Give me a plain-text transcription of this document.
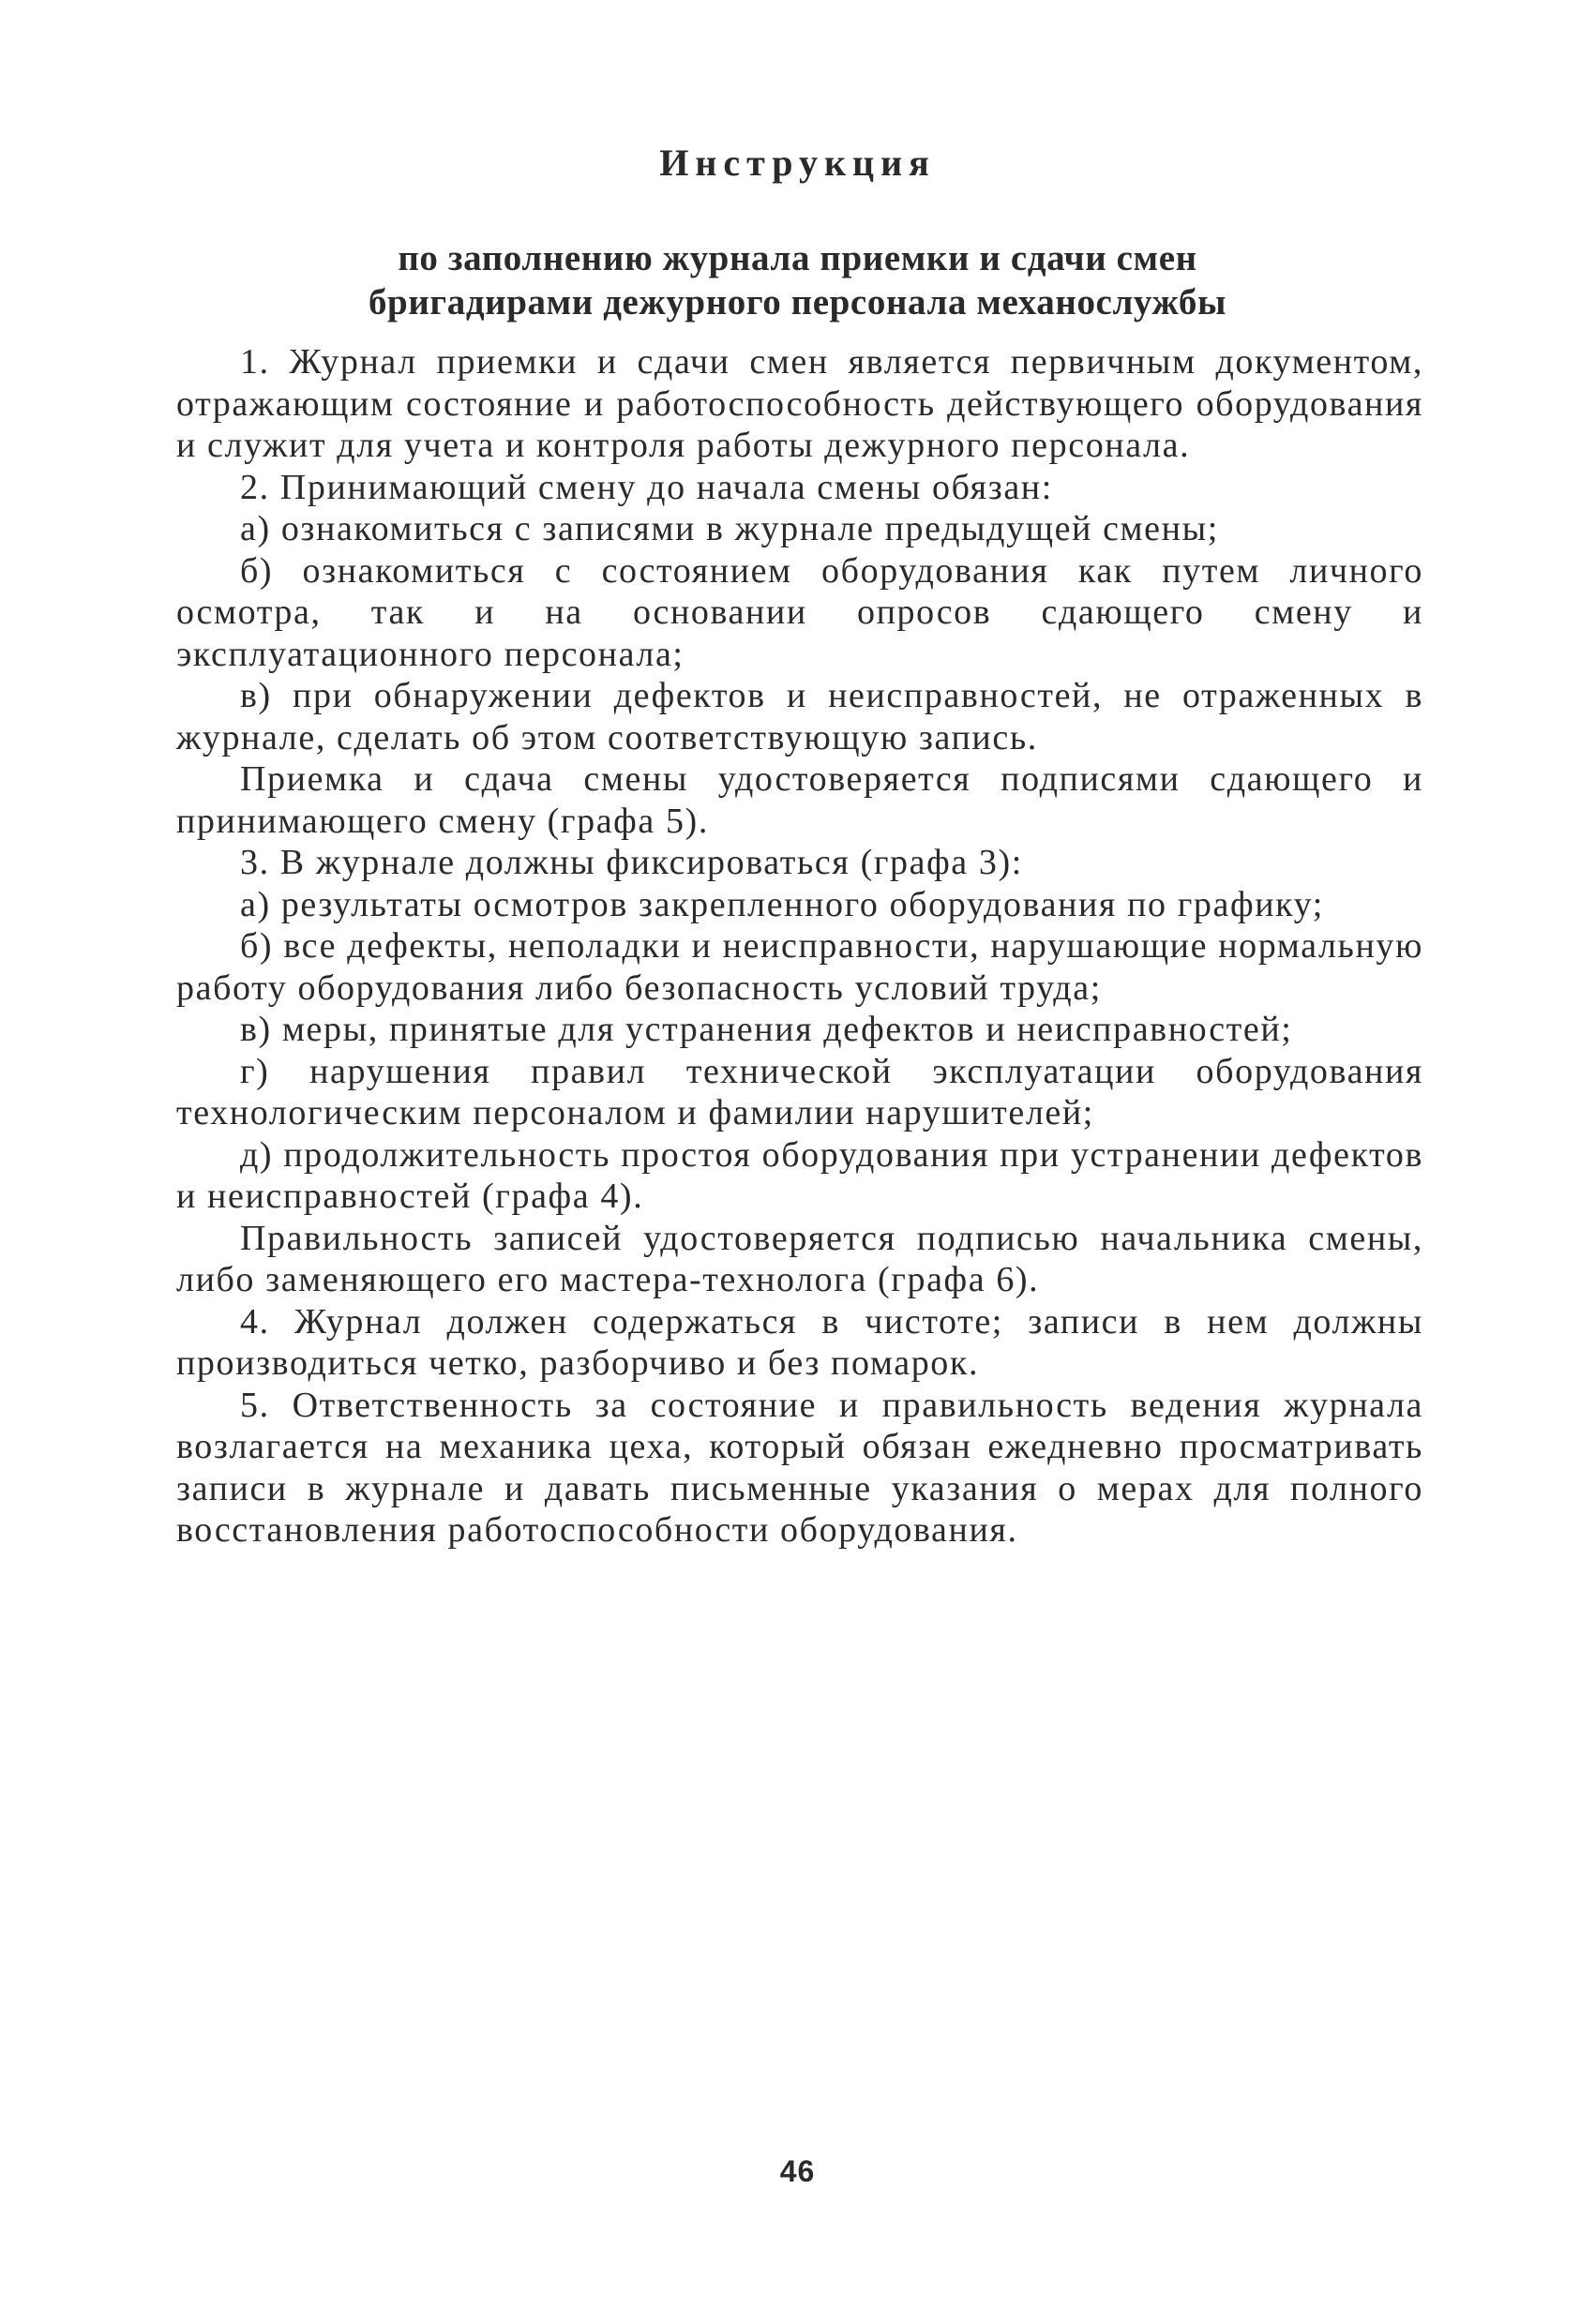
Инструкция
по заполнению журнала приемки и сдачи смен
бригадирами дежурного персонала механослужбы

1. Журнал приемки и сдачи смен является первичным документом, отражающим состояние и работоспособность действующего оборудования и служит для учета и контроля работы дежурного персонала.

2. Принимающий смену до начала смены обязан:

а) ознакомиться с записями в журнале предыдущей смены;

б) ознакомиться с состоянием оборудования как путем личного осмотра, так и на основании опросов сдающего смену и эксплуатационного персонала;

в) при обнаружении дефектов и неисправностей, не отраженных в журнале, сделать об этом соответствующую запись.

Приемка и сдача смены удостоверяется подписями сдающего и принимающего смену (графа 5).

3. В журнале должны фиксироваться (графа 3):

а) результаты осмотров закрепленного оборудования по графику;

б) все дефекты, неполадки и неисправности, нарушающие нормальную работу оборудования либо безопасность условий труда;

в) меры, принятые для устранения дефектов и неисправностей;

г) нарушения правил технической эксплуатации оборудования технологическим персоналом и фамилии нарушителей;

д) продолжительность простоя оборудования при устранении дефектов и неисправностей (графа 4).

Правильность записей удостоверяется подписью начальника смены, либо заменяющего его мастера-технолога (графа 6).

4. Журнал должен содержаться в чистоте; записи в нем должны производиться четко, разборчиво и без помарок.

5. Ответственность за состояние и правильность ведения журнала возлагается на механика цеха, который обязан ежедневно просматривать записи в журнале и давать письменные указания о мерах для полного восстановления работоспособности оборудования.

46
